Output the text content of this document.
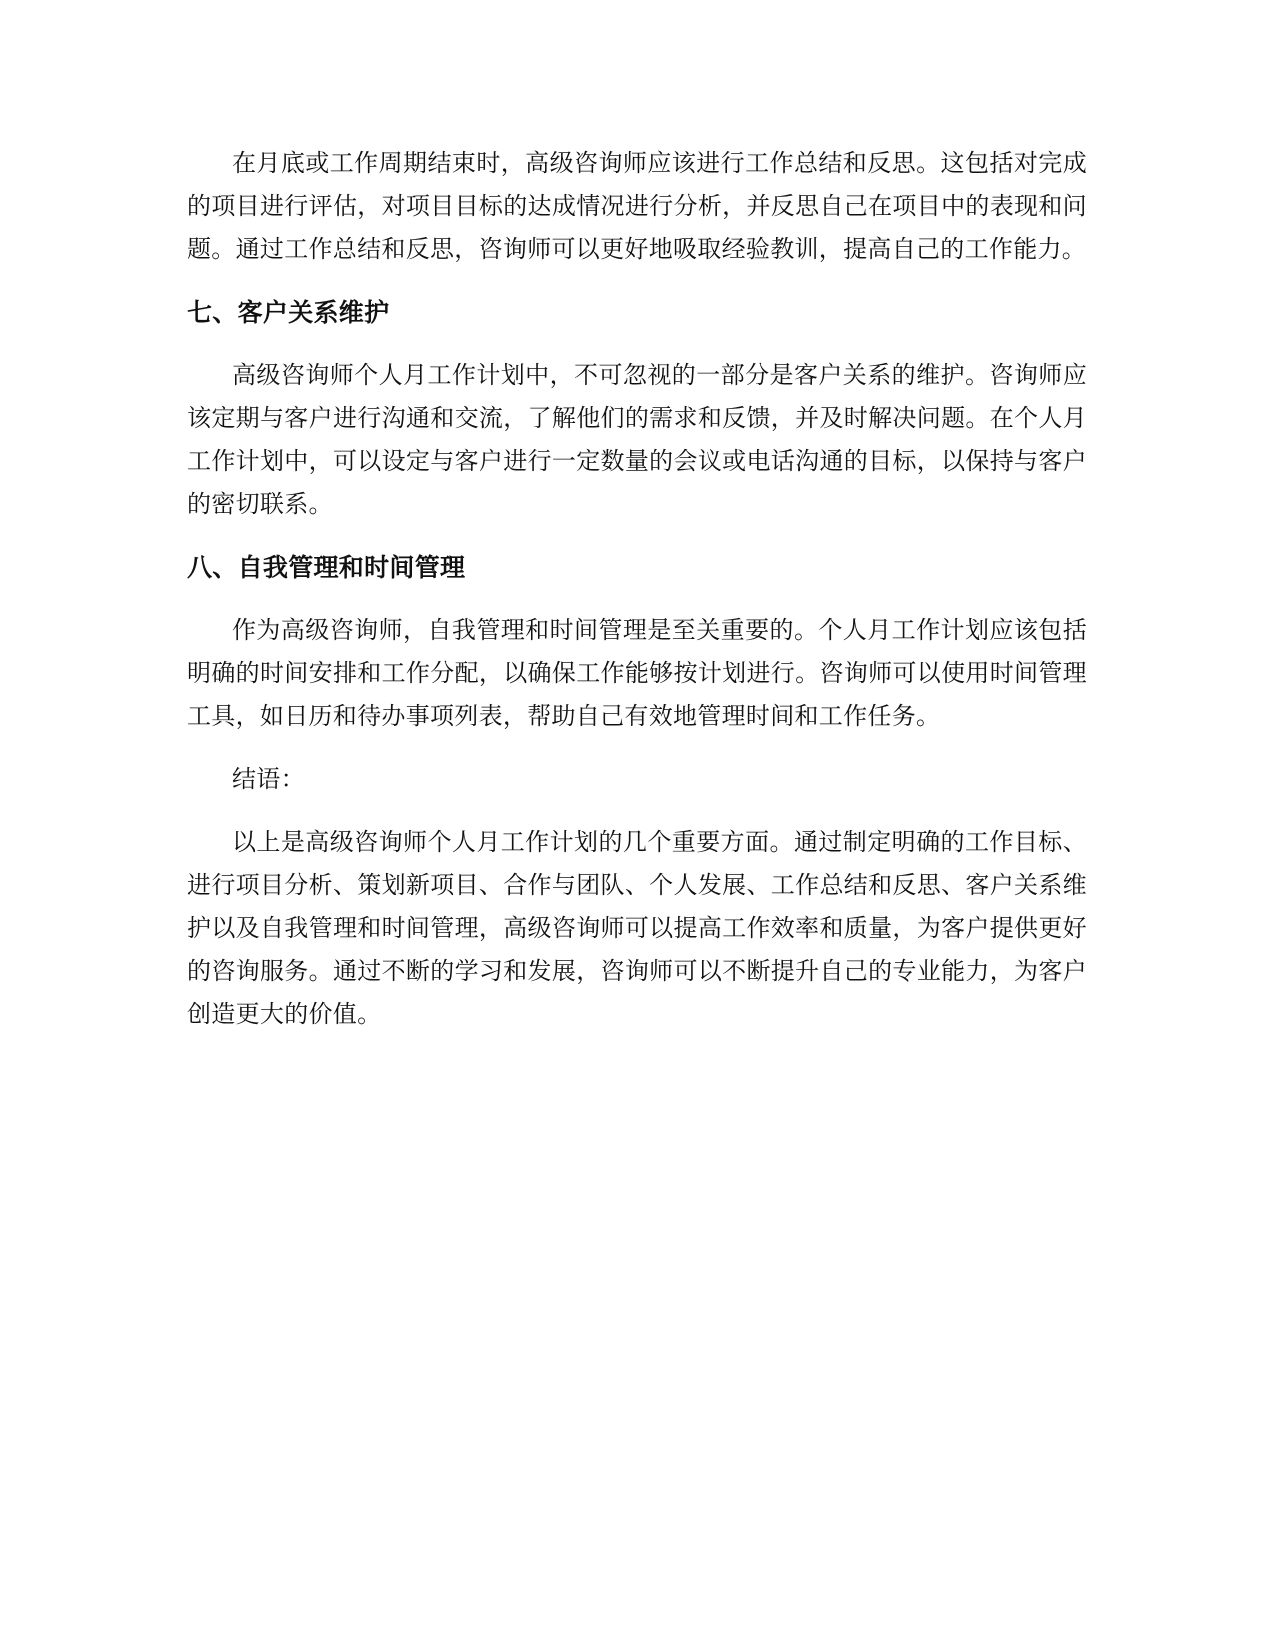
在月底或工作周期结束时，高级咨询师应该进行工作总结和反思。这包括对完成的项目进行评估，对项目目标的达成情况进行分析，并反思自己在项目中的表现和问题。通过工作总结和反思，咨询师可以更好地吸取经验教训，提高自己的工作能力。

七、客户关系维护

高级咨询师个人月工作计划中，不可忽视的一部分是客户关系的维护。咨询师应该定期与客户进行沟通和交流，了解他们的需求和反馈，并及时解决问题。在个人月工作计划中，可以设定与客户进行一定数量的会议或电话沟通的目标，以保持与客户的密切联系。

八、自我管理和时间管理

作为高级咨询师，自我管理和时间管理是至关重要的。个人月工作计划应该包括明确的时间安排和工作分配，以确保工作能够按计划进行。咨询师可以使用时间管理工具，如日历和待办事项列表，帮助自己有效地管理时间和工作任务。

结语：

以上是高级咨询师个人月工作计划的几个重要方面。通过制定明确的工作目标、进行项目分析、策划新项目、合作与团队、个人发展、工作总结和反思、客户关系维护以及自我管理和时间管理，高级咨询师可以提高工作效率和质量，为客户提供更好的咨询服务。通过不断的学习和发展，咨询师可以不断提升自己的专业能力，为客户创造更大的价值。
